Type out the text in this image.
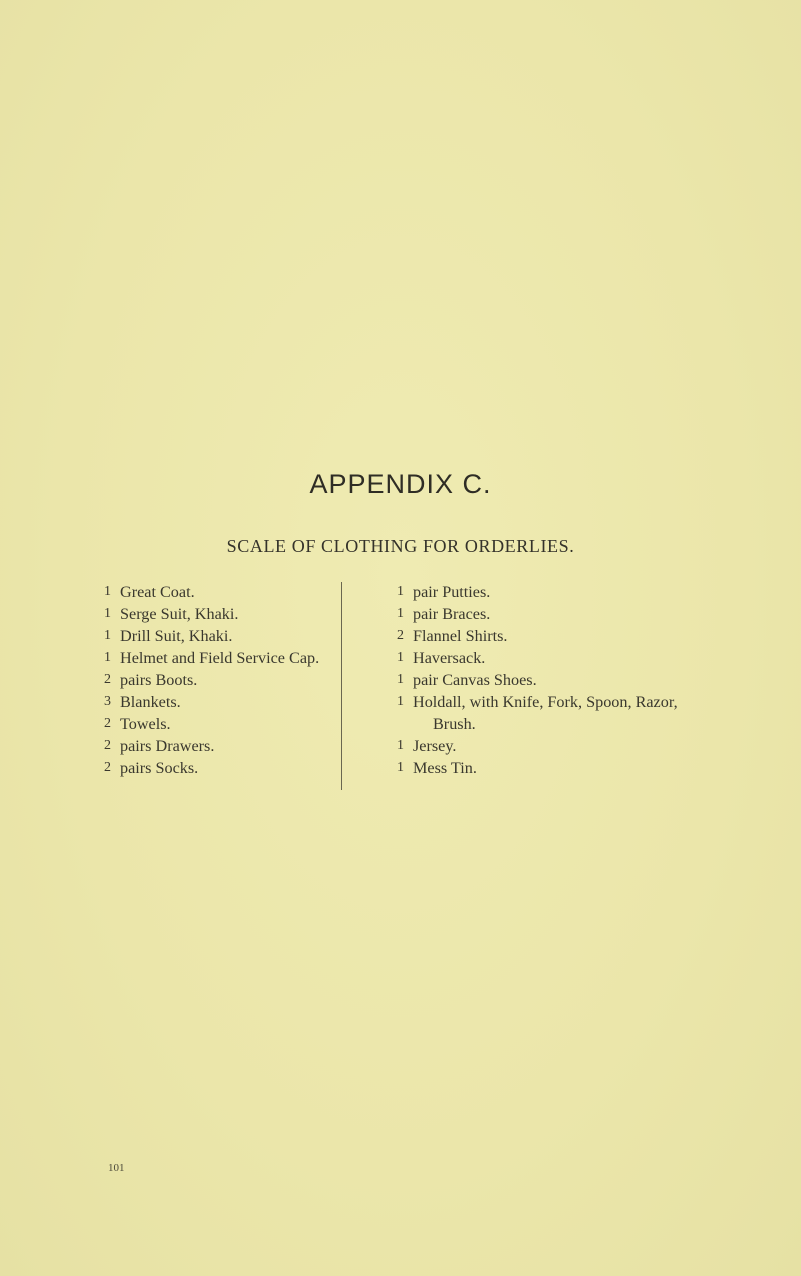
APPENDIX C.
SCALE OF CLOTHING FOR ORDERLIES.
1 Great Coat.
1 Serge Suit, Khaki.
1 Drill Suit, Khaki.
1 Helmet and Field Service Cap.
2 pairs Boots.
3 Blankets.
2 Towels.
2 pairs Drawers.
2 pairs Socks.
1 pair Putties.
1 pair Braces.
2 Flannel Shirts.
1 Haversack.
1 pair Canvas Shoes.
1 Holdall, with Knife, Fork, Spoon, Razor, Brush.
1 Jersey.
1 Mess Tin.

101
